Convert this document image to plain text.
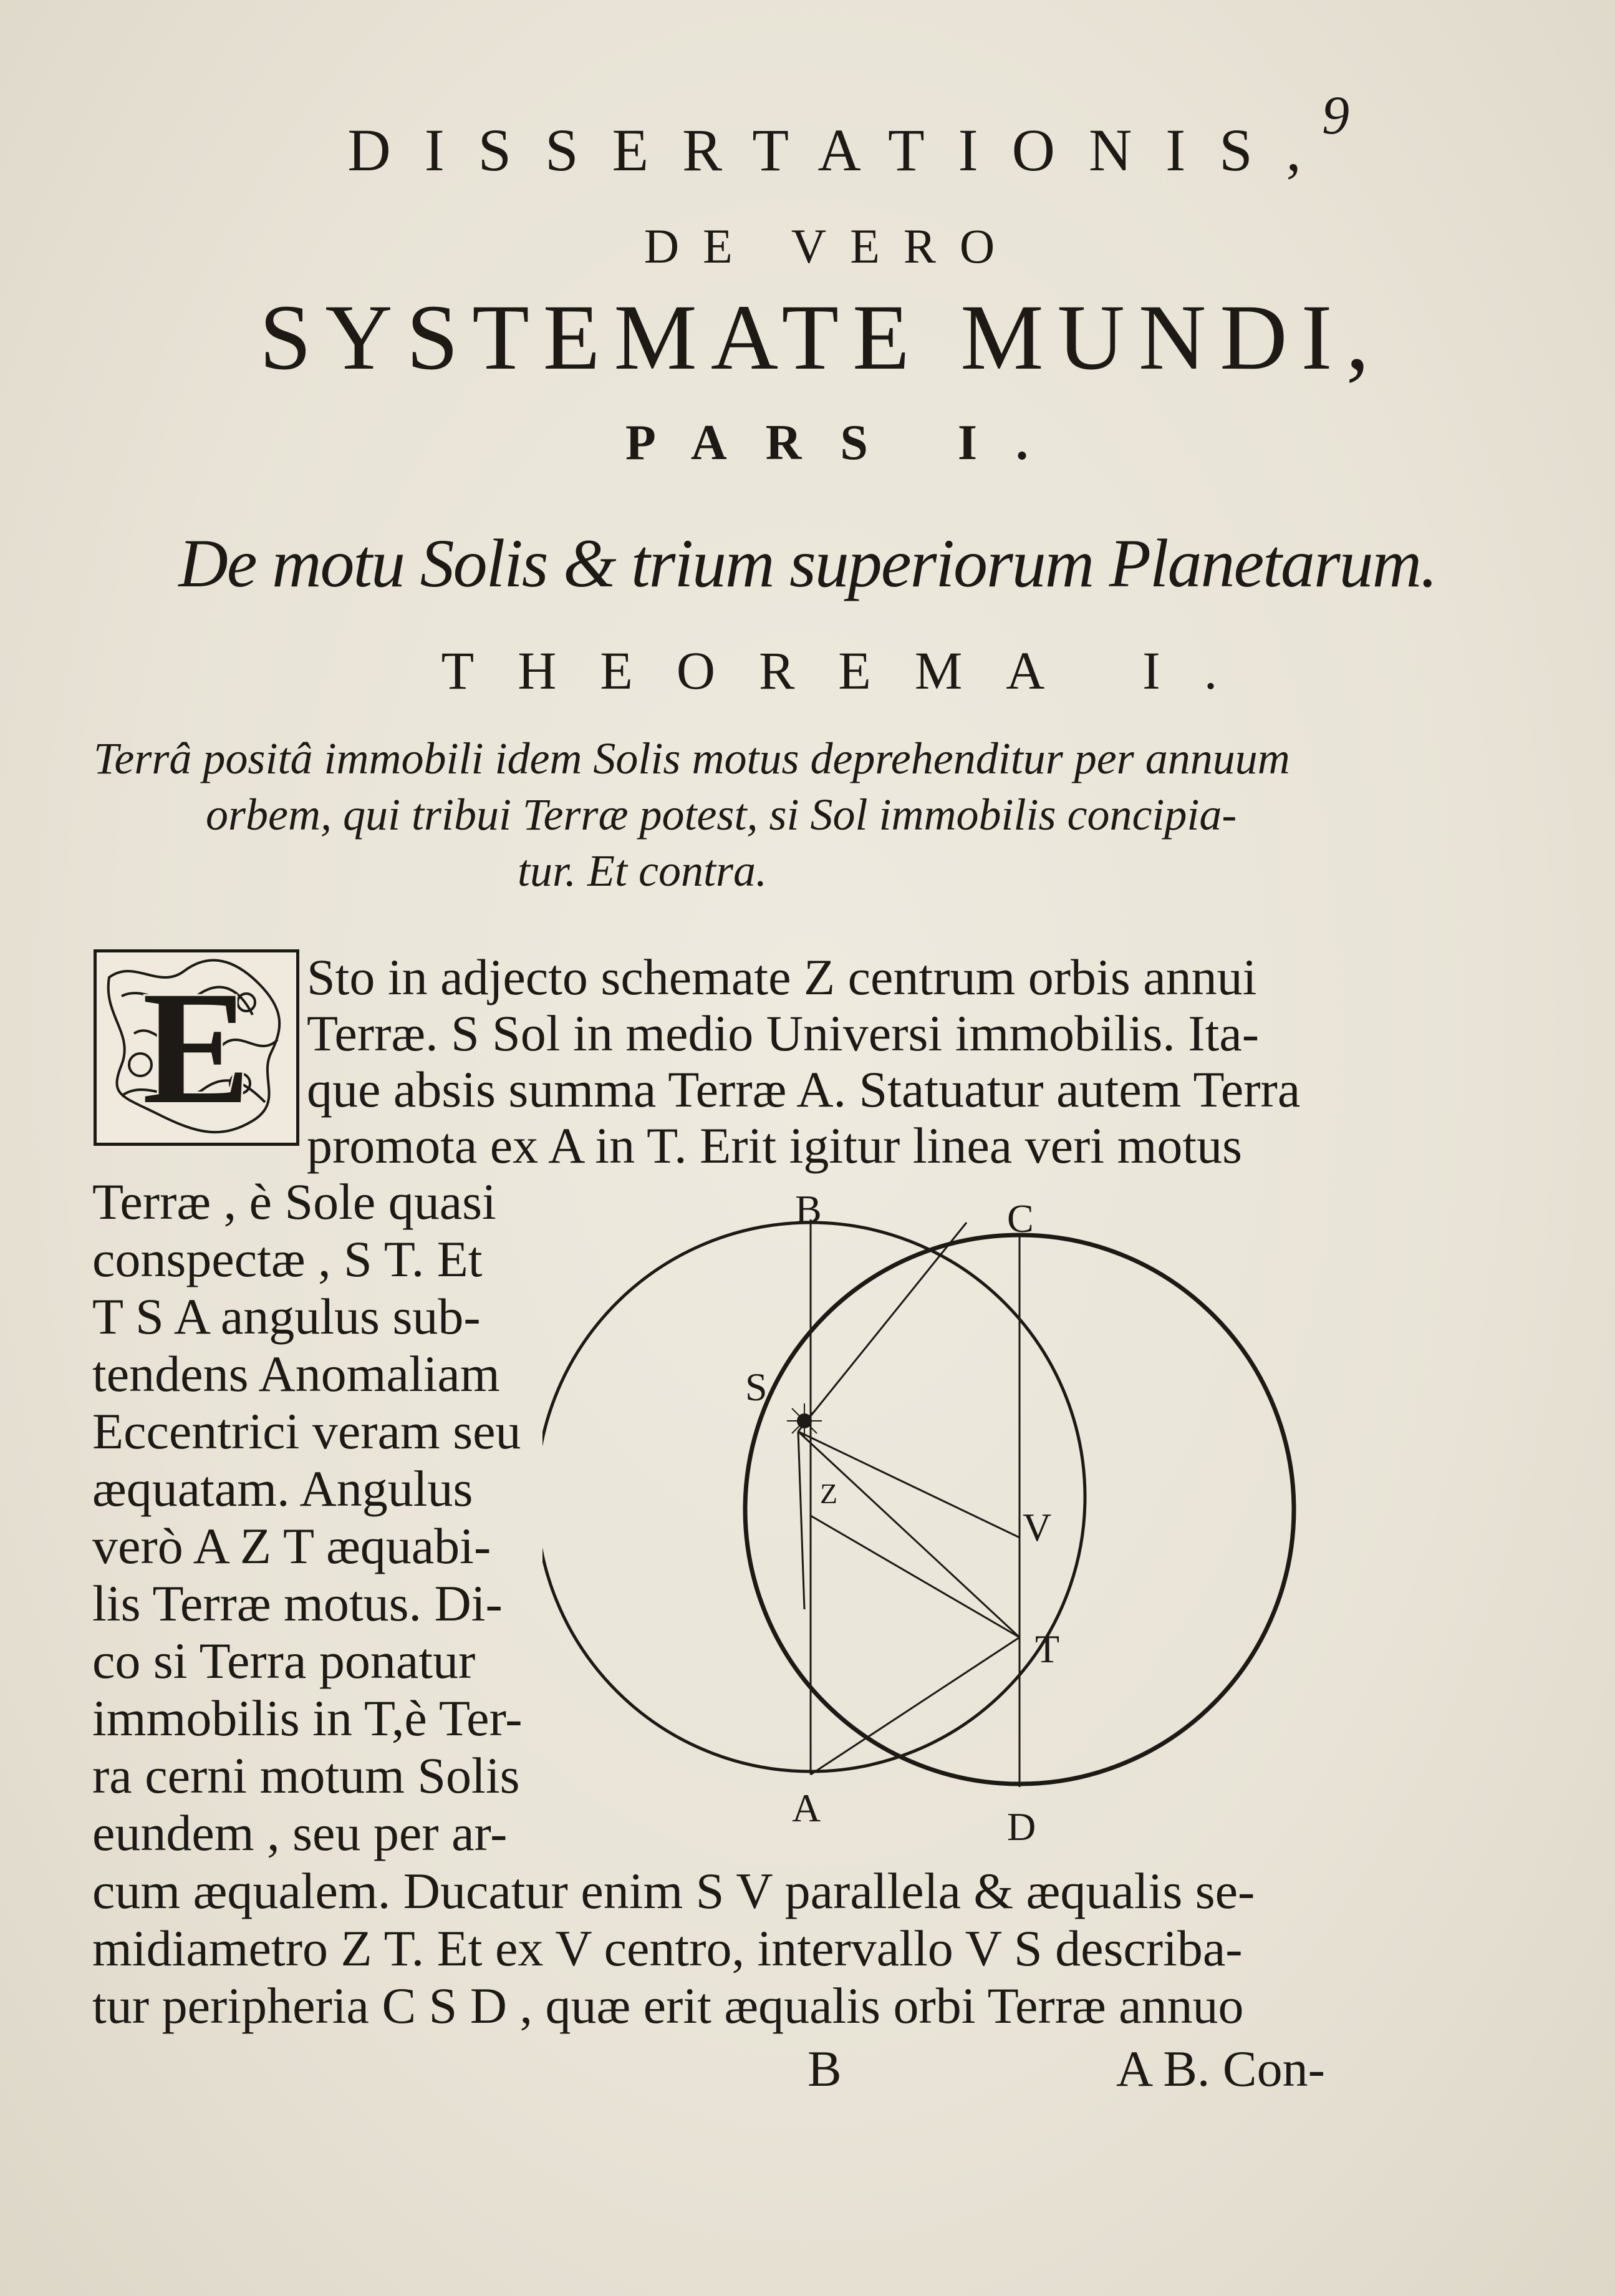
9
DISSERTATIONIS,
DE VERO
SYSTEMATE MUNDI,
PARS I.
De motu Solis & trium superiorum Planetarum.
THEOREMA I.
Terrâ positâ immobili idem Solis motus deprehenditur per annuum
orbem, qui tribui Terræ potest, si Sol immobilis concipia-
tur. Et contra.
E Sto in adjecto schemate Z centrum orbis annui
Terræ. S Sol in medio Universi immobilis. Ita-
que absis summa Terræ A. Statuatur autem Terra
promota ex A in T. Erit igitur linea veri motus
Terræ , è Sole quasi
conspectæ , S T. Et
T S A angulus sub-
tendens Anomaliam
Eccentrici veram seu
æquatam. Angulus
verò A Z T æquabi-
lis Terræ motus. Di-
co si Terra ponatur
immobilis in T,è Ter-
ra cerni motum Solis
eundem , seu per ar-
B	C
S
Z
V
T
A	D
cum æqualem. Ducatur enim S V parallela & æqualis se-
midiametro Z T. Et ex V centro, intervallo V S describa-
tur peripheria C S D , quæ erit æqualis orbi Terræ annuo
B	A B. Con-
